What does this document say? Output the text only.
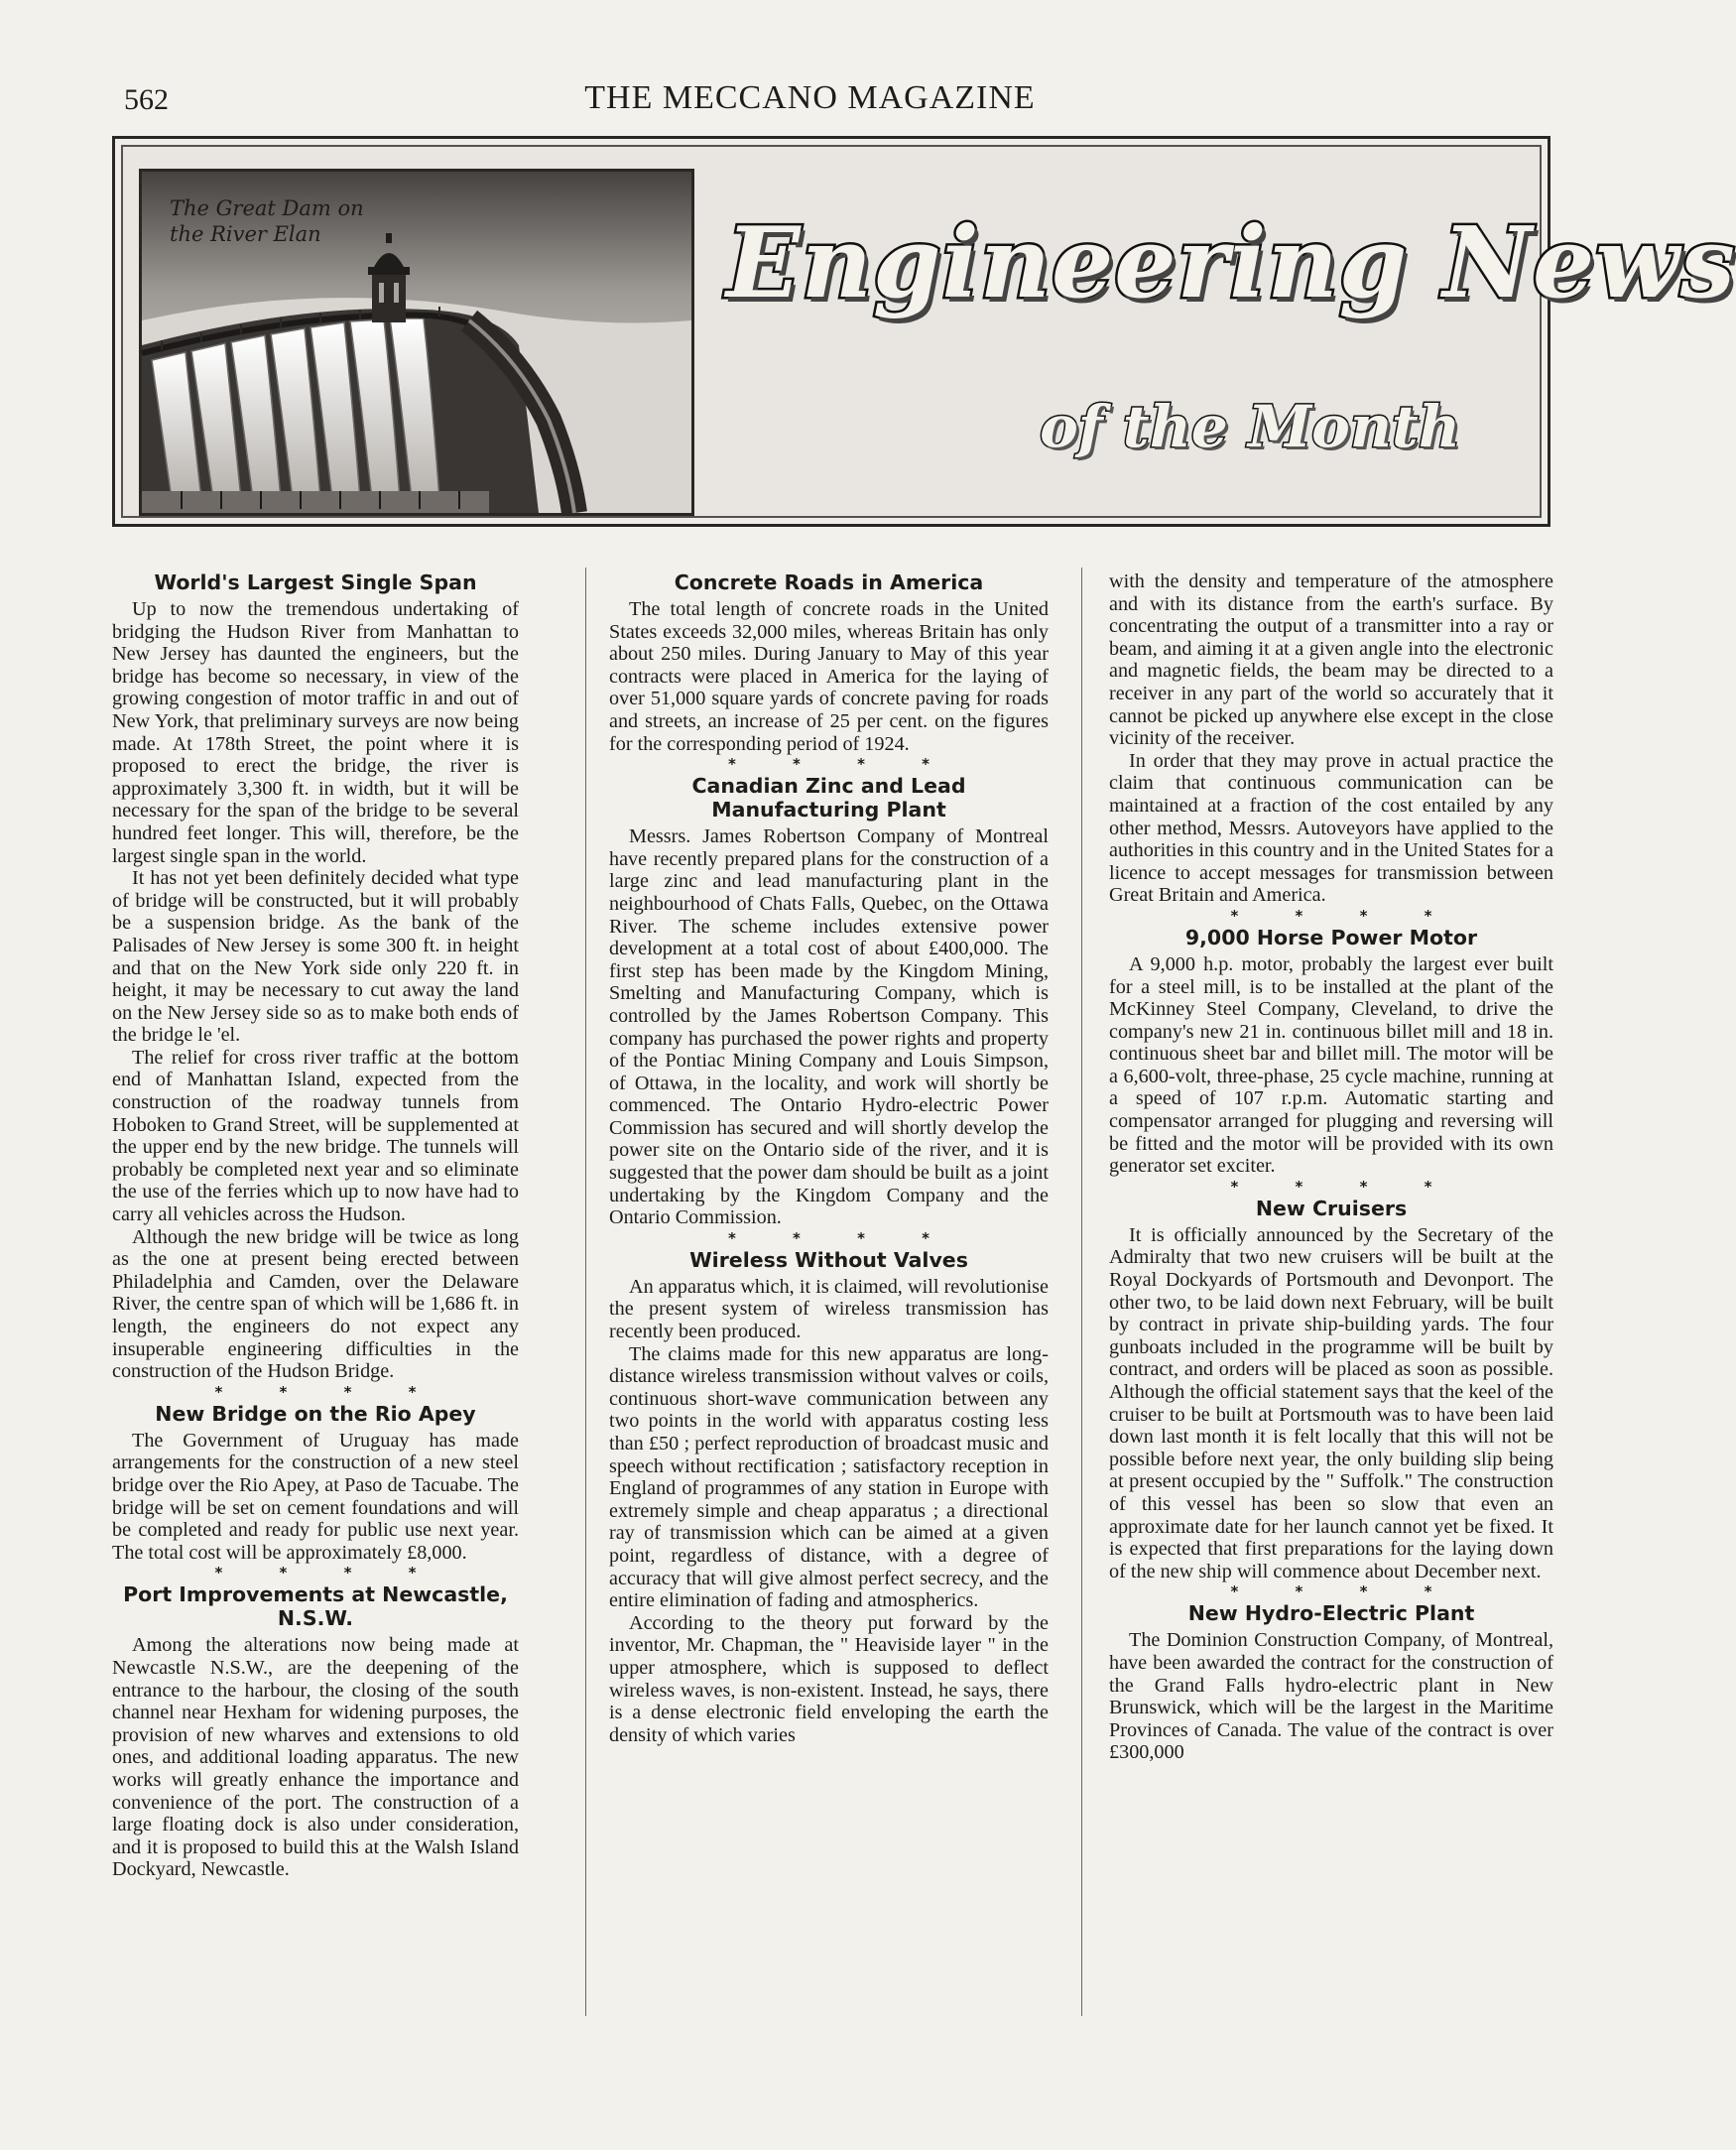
562	THE MECCANO MAGAZINE
The Great Dam on the River Elan	Engineering News
of the Month
World's Largest Single Span

Up to now the tremendous undertaking of bridging the Hudson River from Manhattan to New Jersey has daunted the engineers, but the bridge has become so necessary, in view of the growing congestion of motor traffic in and out of New York, that preliminary surveys are now being made. At 178th Street, the point where it is proposed to erect the bridge, the river is approximately 3,300 ft. in width, but it will be necessary for the span of the bridge to be several hundred feet longer. This will, therefore, be the largest single span in the world.

It has not yet been definitely decided what type of bridge will be constructed, but it will probably be a suspension bridge. As the bank of the Palisades of New Jersey is some 300 ft. in height and that on the New York side only 220 ft. in height, it may be necessary to cut away the land on the New Jersey side so as to make both ends of the bridge le 'el.

The relief for cross river traffic at the bottom end of Manhattan Island, expected from the construction of the roadway tunnels from Hoboken to Grand Street, will be supplemented at the upper end by the new bridge. The tunnels will probably be completed next year and so eliminate the use of the ferries which up to now have had to carry all vehicles across the Hudson.

Although the new bridge will be twice as long as the one at present being erected between Philadelphia and Camden, over the Delaware River, the centre span of which will be 1,686 ft. in length, the engineers do not expect any insuperable engineering difficulties in the construction of the Hudson Bridge.

* * * *
New Bridge on the Rio Apey

The Government of Uruguay has made arrangements for the construction of a new steel bridge over the Rio Apey, at Paso de Tacuabe. The bridge will be set on cement foundations and will be completed and ready for public use next year. The total cost will be approximately £8,000.

* * * *
Port Improvements at Newcastle, N.S.W.

Among the alterations now being made at Newcastle N.S.W., are the deepening of the entrance to the harbour, the closing of the south channel near Hexham for widening purposes, the provision of new wharves and extensions to old ones, and additional loading apparatus. The new works will greatly enhance the importance and convenience of the port. The construction of a large floating dock is also under consideration, and it is proposed to build this at the Walsh Island Dockyard, Newcastle.

Concrete Roads in America

The total length of concrete roads in the United States exceeds 32,000 miles, whereas Britain has only about 250 miles. During January to May of this year contracts were placed in America for the laying of over 51,000 square yards of concrete paving for roads and streets, an increase of 25 per cent. on the figures for the corresponding period of 1924.

* * * *
Canadian Zinc and Lead Manufacturing Plant

Messrs. James Robertson Company of Montreal have recently prepared plans for the construction of a large zinc and lead manufacturing plant in the neighbourhood of Chats Falls, Quebec, on the Ottawa River. The scheme includes extensive power development at a total cost of about £400,000. The first step has been made by the Kingdom Mining, Smelting and Manufacturing Company, which is controlled by the James Robertson Company. This company has purchased the power rights and property of the Pontiac Mining Company and Louis Simpson, of Ottawa, in the locality, and work will shortly be commenced. The Ontario Hydro-electric Power Commission has secured and will shortly develop the power site on the Ontario side of the river, and it is suggested that the power dam should be built as a joint undertaking by the Kingdom Company and the Ontario Commission.

* * * *
Wireless Without Valves

An apparatus which, it is claimed, will revolutionise the present system of wireless transmission has recently been produced.

The claims made for this new apparatus are long-distance wireless transmission without valves or coils, continuous short-wave communication between any two points in the world with apparatus costing less than £50 ; perfect reproduction of broadcast music and speech without rectification ; satisfactory reception in England of programmes of any station in Europe with extremely simple and cheap apparatus ; a directional ray of transmission which can be aimed at a given point, regardless of distance, with a degree of accuracy that will give almost perfect secrecy, and the entire elimination of fading and atmospherics.

According to the theory put forward by the inventor, Mr. Chapman, the " Heaviside layer " in the upper atmosphere, which is supposed to deflect wireless waves, is non-existent. Instead, he says, there is a dense electronic field enveloping the earth the density of which varies

with the density and temperature of the atmosphere and with its distance from the earth's surface. By concentrating the output of a transmitter into a ray or beam, and aiming it at a given angle into the electronic and magnetic fields, the beam may be directed to a receiver in any part of the world so accurately that it cannot be picked up anywhere else except in the close vicinity of the receiver.

In order that they may prove in actual practice the claim that continuous communication can be maintained at a fraction of the cost entailed by any other method, Messrs. Autoveyors have applied to the authorities in this country and in the United States for a licence to accept messages for transmission between Great Britain and America.

* * * *
9,000 Horse Power Motor

A 9,000 h.p. motor, probably the largest ever built for a steel mill, is to be installed at the plant of the McKinney Steel Company, Cleveland, to drive the company's new 21 in. continuous billet mill and 18 in. continuous sheet bar and billet mill. The motor will be a 6,600-volt, three-phase, 25 cycle machine, running at a speed of 107 r.p.m. Automatic starting and compensator arranged for plugging and reversing will be fitted and the motor will be provided with its own generator set exciter.

* * * *
New Cruisers

It is officially announced by the Secretary of the Admiralty that two new cruisers will be built at the Royal Dockyards of Portsmouth and Devonport. The other two, to be laid down next February, will be built by contract in private ship-building yards. The four gunboats included in the programme will be built by contract, and orders will be placed as soon as possible. Although the official statement says that the keel of the cruiser to be built at Portsmouth was to have been laid down last month it is felt locally that this will not be possible before next year, the only building slip being at present occupied by the " Suffolk." The construction of this vessel has been so slow that even an approximate date for her launch cannot yet be fixed. It is expected that first preparations for the laying down of the new ship will commence about December next.

* * * *
New Hydro-Electric Plant

The Dominion Construction Company, of Montreal, have been awarded the contract for the construction of the Grand Falls hydro-electric plant in New Brunswick, which will be the largest in the Maritime Provinces of Canada. The value of the contract is over £300,000
